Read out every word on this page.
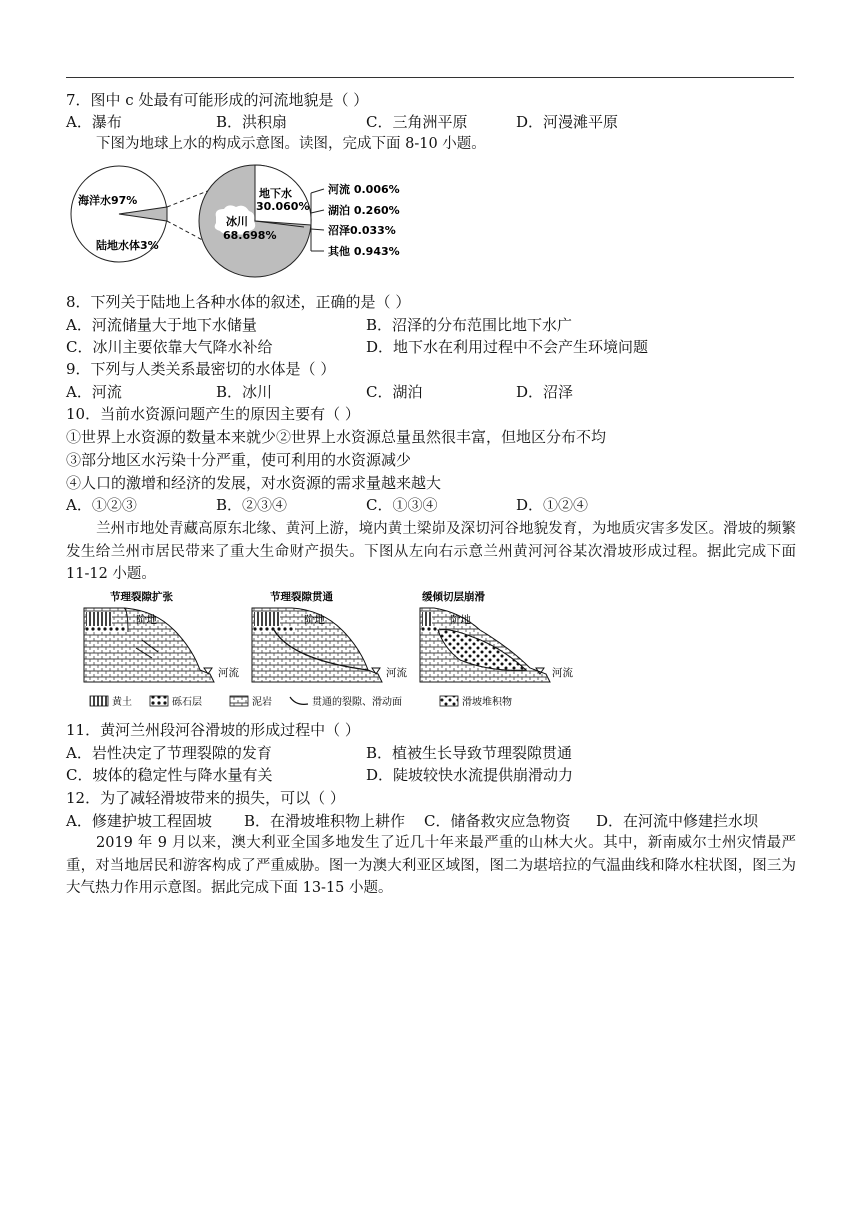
7．图中 c 处最有可能形成的河流地貌是（ ）
A．瀑布	B．洪积扇	C．三角洲平原	D．河漫滩平原
下图为地球上水的构成示意图。读图，完成下面 8-10 小题。
海洋水97%
陆地水体3%
地下水
30.060%
冰川
68.698%
河流 0.006%
湖泊 0.260%
沼泽0.033%
其他 0.943%
8．下列关于陆地上各种水体的叙述，正确的是（ ）
A．河流储量大于地下水储量	B．沼泽的分布范围比地下水广
C．冰川主要依靠大气降水补给	D．地下水在利用过程中不会产生环境问题
9．下列与人类关系最密切的水体是（ ）
A．河流	B．冰川	C．湖泊	D．沼泽
10．当前水资源问题产生的原因主要有（ ）
①世界上水资源的数量本来就少②世界上水资源总量虽然很丰富，但地区分布不均
③部分地区水污染十分严重，使可利用的水资源减少
④人口的激增和经济的发展，对水资源的需求量越来越大
A．①②③	B．②③④	C．①③④	D．①②④
兰州市地处青藏高原东北缘、黄河上游，境内黄土梁峁及深切河谷地貌发育，为地质灾害多发区。滑坡的频繁发生给兰州市居民带来了重大生命财产损失。下图从左向右示意兰州黄河河谷某次滑坡形成过程。据此完成下面 11-12 小题。
节理裂隙扩张
阶地
河流
节理裂隙贯通
阶地
河流
缓倾切层崩滑
阶地
河流
黄土	砾石层	泥岩	贯通的裂隙、滑动面	滑坡堆积物
11．黄河兰州段河谷滑坡的形成过程中（ ）
A．岩性决定了节理裂隙的发育	B．植被生长导致节理裂隙贯通
C．坡体的稳定性与降水量有关	D．陡坡较快水流提供崩滑动力
12．为了减轻滑坡带来的损失，可以（ ）
A．修建护坡工程固坡 B．在滑坡堆积物上耕作 C．储备救灾应急物资 D．在河流中修建拦水坝
2019 年 9 月以来，澳大利亚全国多地发生了近几十年来最严重的山林大火。其中，新南威尔士州灾情最严重，对当地居民和游客构成了严重威胁。图一为澳大利亚区域图，图二为堪培拉的气温曲线和降水柱状图，图三为大气热力作用示意图。据此完成下面 13-15 小题。
